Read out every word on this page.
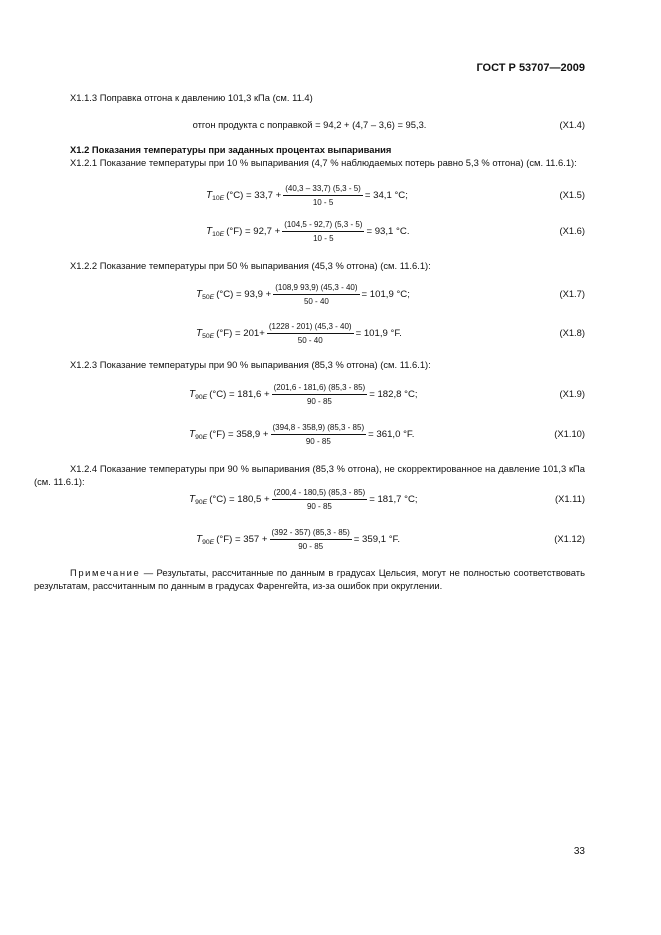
ГОСТ Р 53707—2009
X1.1.3 Поправка отгона к давлению 101,3 кПа (см. 11.4)
отгон продукта с поправкой = 94,2 + (4,7 – 3,6) = 95,3.	(X1.4)
X1.2 Показания температуры при заданных процентах выпаривания
X1.2.1 Показание температуры при 10 % выпаривания (4,7 % наблюдаемых потерь равно 5,3 % отгона) (см. 11.6.1):
T 10E $(^\circ С) = 33,7 + \frac{(40,3 - 33,7) (5,3 - 5)}{10 - 5} = 34,1$ °С;	(X1.5)
T 10E $(^\circ F) = 92,7 + \frac{(104,5 - 92,7) (5,3 - 5)}{10 - 5} = 93,1$ °С.	(X1.6)
X1.2.2 Показание температуры при 50 % выпаривания (45,3 % отгона) (см. 11.6.1):
T 50E $(^\circ С) = 93,9 + \frac{(108,9 93,9) (45,3 - 40)}{50 - 40} = 101,9$ °С;	(X1.7)
T 50E $(^\circ F) = 201+ \frac{(1228 - 201) (45,3 - 40)}{50 - 40} = 101,9$ °F.	(X1.8)
X1.2.3 Показание температуры при 90 % выпаривания (85,3 % отгона) (см. 11.6.1):
T 90E $(^\circ С) = 181,6 + \frac{(201,6 - 181,6) (85,3 - 85)}{90 - 85} = 182,8$ °С;	(X1.9)
T 90E $(^\circ F) = 358,9 + \frac{(394,8 - 358,9) (85,3 - 85)}{90 - 85} = 361,0$ °F.	(X1.10)
X1.2.4 Показание температуры при 90 % выпаривания (85,3 % отгона), не скорректированное на давление 101,3 кПа (см. 11.6.1):
T 90E $(^\circ С) = 180,5 + \frac{(200,4 - 180,5) (85,3 - 85)}{90 - 85} = 181,7$ °С;	(X1.11)
T 90E $(^\circ F) = 357 + \frac{(392 - 357) (85,3 - 85)}{90 - 85} = 359,1$ °F.	(X1.12)
Примечание — Результаты, рассчитанные по данным в градусах Цельсия, могут не полностью соответствовать результатам, рассчитанным по данным в градусах Фаренгейта, из-за ошибок при округлении.
33
